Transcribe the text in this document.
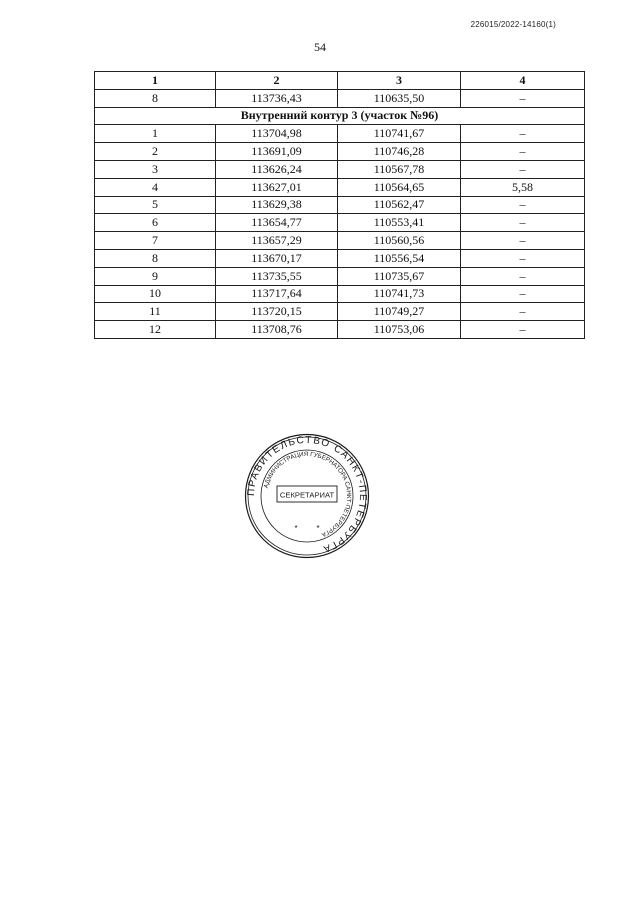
226015/2022-14160(1)
54
1	2	3	4
8	113736,43	110635,50	–
Внутренний контур 3 (участок №96)			
1	113704,98	110741,67	–
2	113691,09	110746,28	–
3	113626,24	110567,78	–
4	113627,01	110564,65	5,58
5	113629,38	110562,47	–
6	113654,77	110553,41	–
7	113657,29	110560,56	–
8	113670,17	110556,54	–
9	113735,55	110735,67	–
10	113717,64	110741,73	–
11	113720,15	110749,27	–
12	113708,76	110753,06	–
ПРАВИТЕЛЬСТВО САНКТ-ПЕТЕРБУРГА
АДМИНИСТРАЦИЯ ГУБЕРНАТОРА САНКТ-ПЕТЕРБУРГА
СЕКРЕТАРИАТ
* *
